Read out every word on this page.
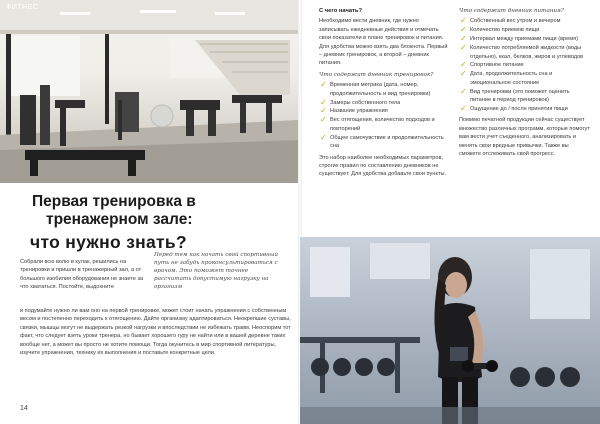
ФИТНЕС
Первая тренировка в
тренажерном зале:
что нужно знать?
Собрали всю волю в кулак, решились на тренировки и пришли в тренажерный зал, а от большого изобилия оборудования не знаете за что хвататься. Постойте, выдохните
Перед тем как начать свой спортивный путь не забудь проконсультироваться с врачом. Это поможет точнее рассчитать допустимую нагрузку на организм
и подумайте нужно ли вам оно на первой тренировке, может стоит начать упражнения с собственным весом и постепенно переходить к отягощению. Дайте организму адаптироваться. Неокрепшие суставы, связки, мышцы могут не выдержать резкой нагрузки и впоследствии не избежать травм. Неоспорим тот факт, что следует взять уроки тренера, но бывает хорошего гуру не найти или в вашей деревне таких вообще нет, а может вы просто не хотите помощи. Тогда окунитесь в мир спортивной литературы, изучите упражнения, технику их выполнения и поставьте конкретные цели.
14
С чего начать?
Необходимо вести дневник, где нужно записывать ежедневные действия и отмечать свои показатели в плане тренировок и питания. Для удобства можно взять два блокнота. Первый – дневник тренировок, а второй – дневник питания.
Что содержит дневник тренировок?
✓ Временная метрика (дата, номер, продолжительность и вид тренировки)
✓ Замеры собственного тела
✓ Название упражнения
✓ Вес отягощения, количество подходов и повторений
✓ Общее самочувствие и продолжительность сна
Это набор наиболее необходимых параметров, строгих правил по составлению дневников не существует. Для удобства добавьте свои пункты.
Что содержит дневник питания?
✓ Собственный вес утром и вечером
✓ Количество приемов пищи
✓ Интервал между приемами пищи (время)
✓ Количество потребляемой жидкости (воды отдельно), ккал, белков, жиров и углеводов
✓ Спортивное питание
✓ Дата, продолжительность сна и эмоциональное состояние
✓ Вид тренировки (это поможет оценить питание в период тренировок)
✓ Ощущение до / после принятия пищи
Помимо печатной продукции сейчас существует множество различных программ, которые помогут вам вести учет съеденного, анализировать и менять свои вредные привычки. Также вы сможете отслеживать свой прогресс.
